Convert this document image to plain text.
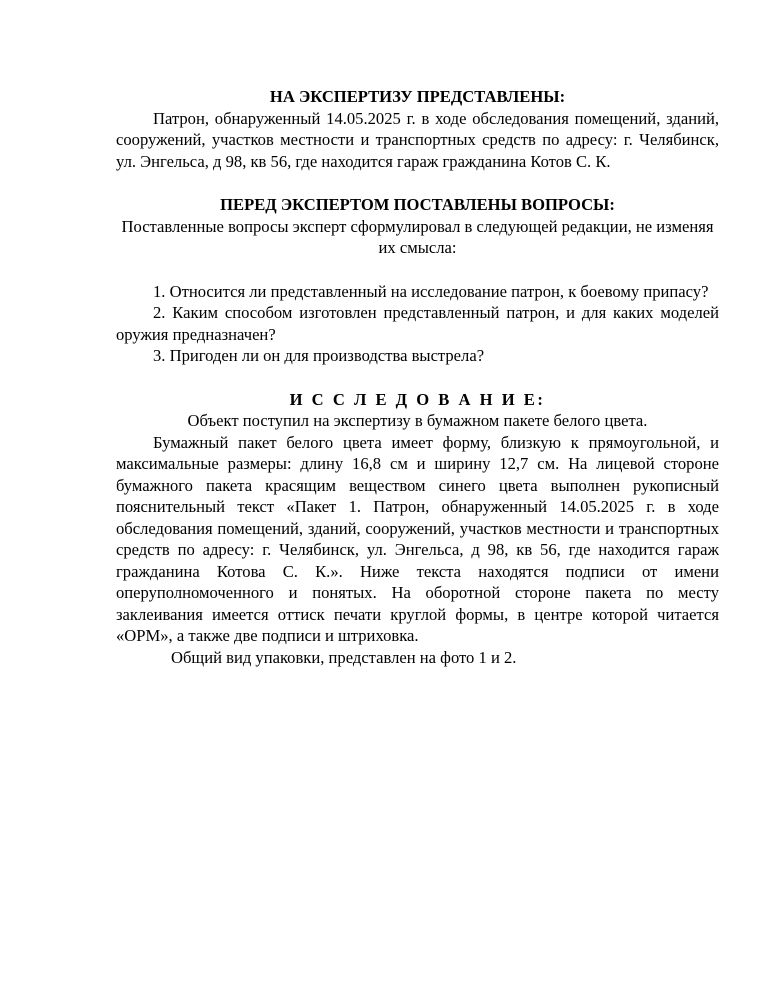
НА ЭКСПЕРТИЗУ ПРЕДСТАВЛЕНЫ:

Патрон, обнаруженный 14.05.2025 г. в ходе обследования помещений, зданий, сооружений, участков местности и транспортных средств по адресу: г. Челябинск, ул. Энгельса, д 98, кв 56, где находится гараж гражданина Котов С. К.

ПЕРЕД ЭКСПЕРТОМ ПОСТАВЛЕНЫ ВОПРОСЫ:

Поставленные вопросы эксперт сформулировал в следующей редакции, не изменяя их смысла:

1. Относится ли представленный на исследование патрон, к боевому припасу?

2. Каким способом изготовлен представленный патрон, и для каких моделей оружия предназначен?

3. Пригоден ли он для производства выстрела?

И С С Л Е Д О В А Н И Е:

Объект поступил на экспертизу в бумажном пакете белого цвета.

Бумажный пакет белого цвета имеет форму, близкую к прямоугольной, и максимальные размеры: длину 16,8 см и ширину 12,7 см. На лицевой стороне бумажного пакета красящим веществом синего цвета выполнен рукописный пояснительный текст «Пакет 1. Патрон, обнаруженный 14.05.2025 г. в ходе обследования помещений, зданий, сооружений, участков местности и транспортных средств по адресу: г. Челябинск, ул. Энгельса, д 98, кв 56, где находится гараж гражданина Котова С. К.». Ниже текста находятся подписи от имени оперуполномоченного и понятых. На оборотной стороне пакета по месту заклеивания имеется оттиск печати круглой формы, в центре которой читается «ОРМ», а также две подписи и штриховка.

Общий вид упаковки, представлен на фото 1 и 2.
